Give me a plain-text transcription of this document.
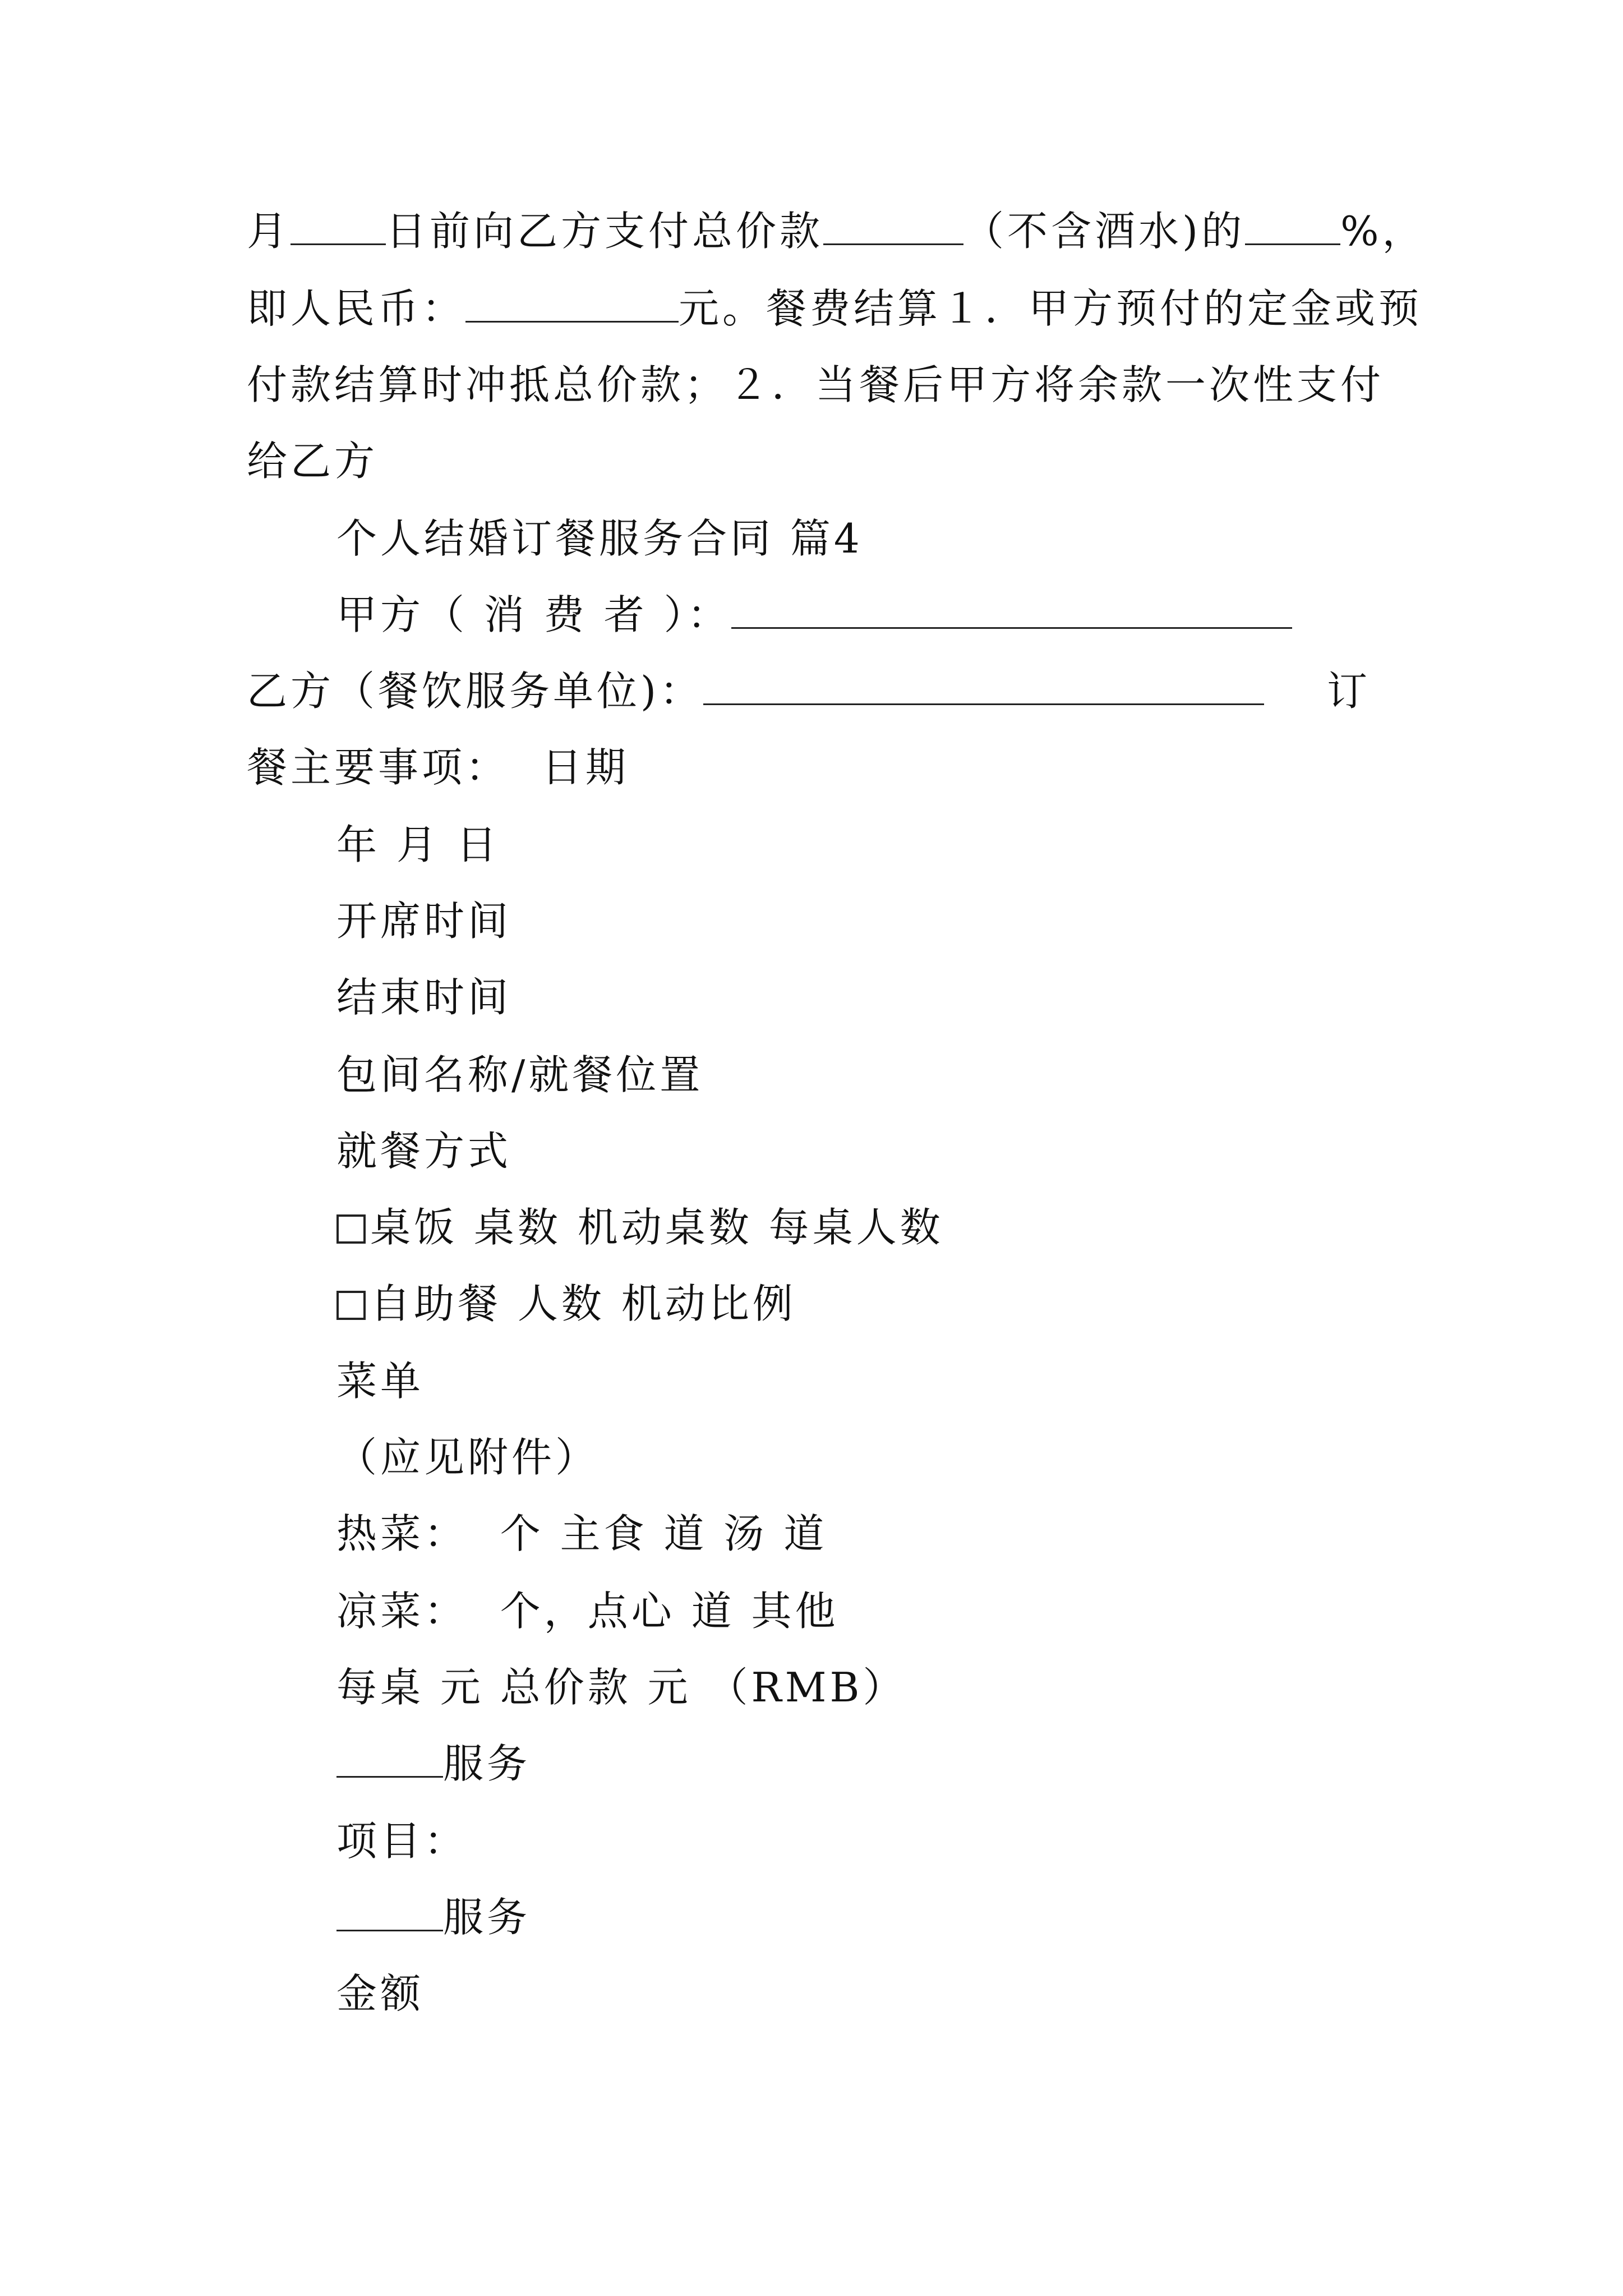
月 日前向乙方支付总价款	（不含酒水)的 %，
即人民币：	元。餐费结算１．甲方预付的定金或预
付款结算时冲抵总价款；２．当餐后甲方将余款一次性支付
给乙方
个人结婚订餐服务合同 篇4
甲方（ 消 费 者 ）：
乙方（餐饮服务单位)：	订
餐主要事项：  日期
年 月 日
开席时间
结束时间
包间名称/就餐位置
就餐方式
桌饭 桌数 机动桌数 每桌人数
自助餐 人数 机动比例
菜单
（应见附件）
热菜：  个 主食 道 汤 道
凉菜：  个，点心 道 其他
每桌 元 总价款 元 （RMB）
服务
项目：
服务
金额
